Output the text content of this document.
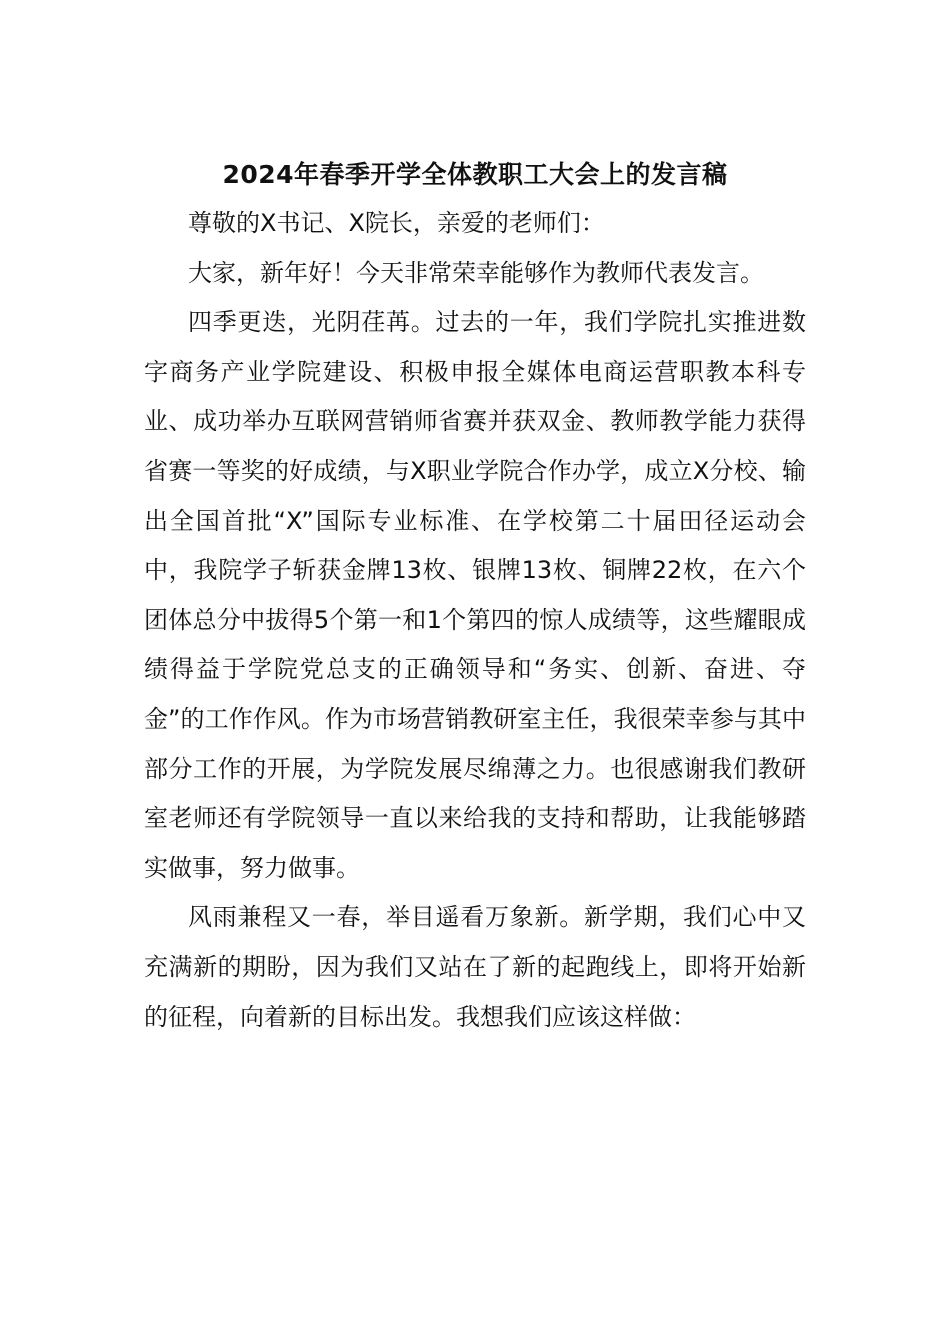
2024年春季开学全体教职工大会上的发言稿

尊敬的X书记、X院长，亲爱的老师们：

大家，新年好！今天非常荣幸能够作为教师代表发言。

四季更迭，光阴荏苒。过去的一年，我们学院扎实推进数字商务产业学院建设、积极申报全媒体电商运营职教本科专业、成功举办互联网营销师省赛并获双金、教师教学能力获得省赛一等奖的好成绩，与X职业学院合作办学，成立X分校、输出全国首批“X”国际专业标准、在学校第二十届田径运动会中，我院学子斩获金牌13枚、银牌13枚、铜牌22枚，在六个团体总分中拔得5个第一和1个第四的惊人成绩等，这些耀眼成绩得益于学院党总支的正确领导和“务实、创新、奋进、夺金”的工作作风。作为市场营销教研室主任，我很荣幸参与其中部分工作的开展，为学院发展尽绵薄之力。也很感谢我们教研室老师还有学院领导一直以来给我的支持和帮助，让我能够踏实做事，努力做事。

风雨兼程又一春，举目遥看万象新。新学期，我们心中又充满新的期盼，因为我们又站在了新的起跑线上，即将开始新的征程，向着新的目标出发。我想我们应该这样做：
